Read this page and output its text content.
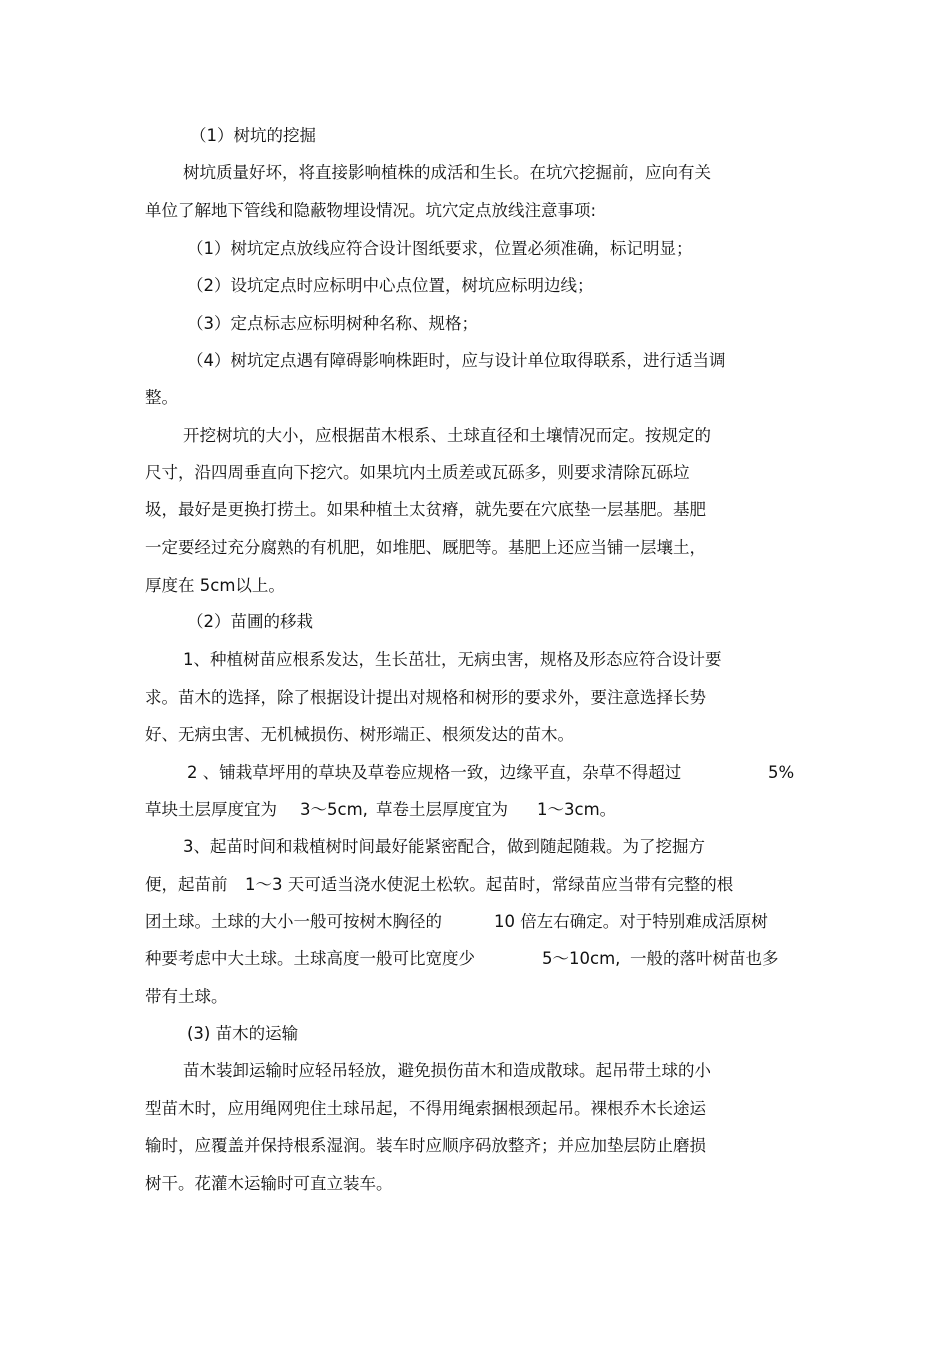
（1）树坑的挖掘
树坑质量好坏，将直接影响植株的成活和生长。在坑穴挖掘前，应向有关
单位了解地下管线和隐蔽物埋设情况。坑穴定点放线注意事项:
（1）树坑定点放线应符合设计图纸要求，位置必须准确，标记明显；
（2）设坑定点时应标明中心点位置，树坑应标明边线；
（3）定点标志应标明树种名称、规格；
（4）树坑定点遇有障碍影响株距时，应与设计单位取得联系，进行适当调
整。
开挖树坑的大小，应根据苗木根系、土球直径和土壤情况而定。按规定的
尺寸，沿四周垂直向下挖穴。如果坑内土质差或瓦砾多，则要求清除瓦砾垃
圾，最好是更换打捞土。如果种植土太贫瘠，就先要在穴底垫一层基肥。基肥
一定要经过充分腐熟的有机肥，如堆肥、厩肥等。基肥上还应当铺一层壤土，
厚度在 5cm以上。
（2）苗圃的移栽
1、种植树苗应根系发达，生长茁壮，无病虫害，规格及形态应符合设计要
求。苗木的选择，除了根据设计提出对规格和树形的要求外，要注意选择长势
好、无病虫害、无机械损伤、树形端正、根须发达的苗木。
2 、铺栽草坪用的草块及草卷应规格一致，边缘平直，杂草不得超过	5%
草块土层厚度宜为 3～5cm, 草卷土层厚度宜为 1～3cm。
3、起苗时间和栽植树时间最好能紧密配合，做到随起随栽。为了挖掘方
便，起苗前 1～3 天可适当浇水使泥土松软。起苗时，常绿苗应当带有完整的根
团土球。土球的大小一般可按树木胸径的	10 倍左右确定。对于特别难成活原树
种要考虑中大土球。土球高度一般可比宽度少	5～10cm, 一般的落叶树苗也多
带有土球。
(3) 苗木的运输
苗木装卸运输时应轻吊轻放，避免损伤苗木和造成散球。起吊带土球的小
型苗木时，应用绳网兜住土球吊起，不得用绳索捆根颈起吊。裸根乔木长途运
输时，应覆盖并保持根系湿润。装车时应顺序码放整齐；并应加垫层防止磨损
树干。花灌木运输时可直立装车。
